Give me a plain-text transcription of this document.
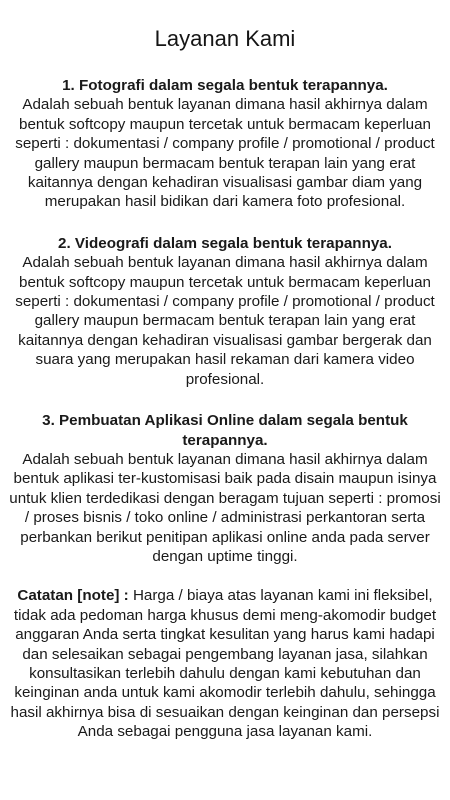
Layanan Kami
1. Fotografi dalam segala bentuk terapannya.
Adalah sebuah bentuk layanan dimana hasil akhirnya dalam bentuk softcopy maupun tercetak untuk bermacam keperluan seperti : dokumentasi / company profile / promotional / product gallery maupun bermacam bentuk terapan lain yang erat kaitannya dengan kehadiran visualisasi gambar diam yang merupakan hasil bidikan dari kamera foto profesional.
2. Videografi dalam segala bentuk terapannya.
Adalah sebuah bentuk layanan dimana hasil akhirnya dalam bentuk softcopy maupun tercetak untuk bermacam keperluan seperti : dokumentasi / company profile / promotional / product gallery maupun bermacam bentuk terapan lain yang erat kaitannya dengan kehadiran visualisasi gambar bergerak dan suara yang merupakan hasil rekaman dari kamera video profesional.
3. Pembuatan Aplikasi Online dalam segala bentuk terapannya.
Adalah sebuah bentuk layanan dimana hasil akhirnya dalam bentuk aplikasi ter-kustomisasi baik pada disain maupun isinya untuk klien terdedikasi dengan beragam tujuan seperti : promosi / proses bisnis / toko online / administrasi perkantoran serta perbankan berikut penitipan aplikasi online anda pada server dengan uptime tinggi.
Catatan [note] : Harga / biaya atas layanan kami ini fleksibel, tidak ada pedoman harga khusus demi meng-akomodir budget anggaran Anda serta tingkat kesulitan yang harus kami hadapi dan selesaikan sebagai pengembang layanan jasa, silahkan konsultasikan terlebih dahulu dengan kami kebutuhan dan keinginan anda untuk kami akomodir terlebih dahulu, sehingga hasil akhirnya bisa di sesuaikan dengan keinginan dan persepsi Anda sebagai pengguna jasa layanan kami.
